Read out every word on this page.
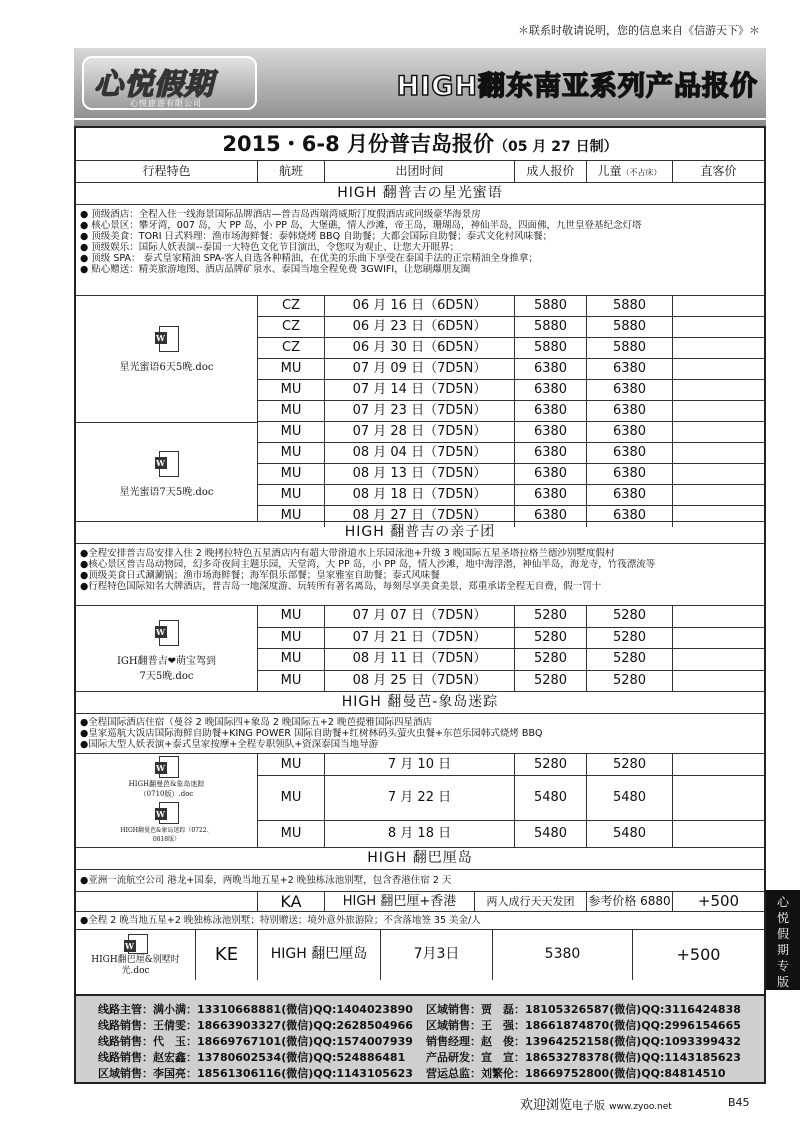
＊联系时敬请说明，您的信息来自《信游天下》＊
心悦假期
心悦旅游有限公司
HIGH翻东南亚系列产品报价
2015・6-8 月份普吉岛报价（05 月 27 日制）
行程特色	航班	出团时间	成人报价	儿童（不占床）	直客价
HIGH 翻普吉の星光蜜语
● 顶级酒店：全程入住一线海景国际品牌酒店—普吉岛西瑞湾威斯汀度假酒店或同级豪华海景房
● 核心景区：攀牙湾，007 岛，大 PP 岛，小 PP 岛，大堡礁，情人沙滩，帝王岛，珊瑚岛，神仙半岛，四面佛，九世皇登基纪念灯塔
● 顶级美食：TORI 日式料理：渔市场海鲜餐：泰韩烧烤 BBQ 自助餐；大都会国际自助餐；泰式文化村风味餐；
● 顶级娱乐：国际人妖表演--泰国一大特色文化节目演出，令您叹为观止、让您大开眼界；
● 顶级 SPA： 泰式皇家精油 SPA-客人自选各种精油，在优美的乐曲下享受在泰国手法的正宗精油全身推拿；
● 贴心赠送：精美旅游地图、酒店品牌矿泉水、泰国当地全程免费 3GWIFI，让您刷爆朋友圈
W
星光蜜语6天5晚.doc
W
星光蜜语7天5晚.doc
CZ	06 月 16 日（6D5N）	5880	5880
CZ	06 月 23 日（6D5N）	5880	5880
CZ	06 月 30 日（6D5N）	5880	5880
MU	07 月 09 日（7D5N）	6380	6380
MU	07 月 14 日（7D5N）	6380	6380
MU	07 月 23 日（7D5N）	6380	6380
MU	07 月 28 日（7D5N）	6380	6380
MU	08 月 04 日（7D5N）	6380	6380
MU	08 月 13 日（7D5N）	6380	6380
MU	08 月 18 日（7D5N）	6380	6380
MU	08 月 27 日（7D5N）	6380	6380
HIGH 翻普吉の亲子团
●全程安排普吉岛安排入住 2 晚拷拉特色五星酒店内有超大带滑道水上乐园泳池+升级 3 晚国际五星圣塔拉格兰德沙别墅度假村
●核心景区普吉岛动物园，幻多奇夜间主题乐园，天堂湾，大 PP 岛，小 PP 岛，情人沙滩，地中海浮潜，神仙半岛，海龙寺，竹筏漂流等
●顶级美食日式涮涮锅；渔市场海鲜餐；海军俱乐部餐；皇家雅室自助餐；泰式风味餐
●行程特色国际知名大牌酒店，普吉岛一地深度游、玩转所有著名离岛，每刻尽享美食美景，郑重承诺全程无自费，假一罚十
W
IGH翻普吉❤萌宝驾到7天5晚.doc
MU	07 月 07 日（7D5N）	5280	5280
MU	07 月 21 日（7D5N）	5280	5280
MU	08 月 11 日（7D5N）	5280	5280
MU	08 月 25 日（7D5N）	5280	5280
HIGH 翻曼芭-象岛迷踪
●全程国际酒店住宿（曼谷 2 晚国际四+象岛 2 晚国际五+2 晚芭提雅国际四星酒店
●皇家巡航大饭店国际海鲜自助餐+KING POWER 国际自助餐+红树林码头萤火虫餐+东芭乐园韩式烧烤 BBQ
●国际大型人妖表演+泰式皇家按摩+全程专职领队+资深泰国当地导游
W
HIGH翻曼芭&象岛迷踪（0710版）.doc
W
HIGH翻曼芭&象岛迷踪（0722、0818版）
MU	7 月 10 日	5280	5280
MU	7 月 22 日	5480	5480
MU	8 月 18 日	5480	5480
HIGH 翻巴厘岛
●亚洲一流航空公司 港龙+国泰，两晚当地五星+2 晚独栋泳池别墅，包含香港住宿 2 天
KA	HIGH 翻巴厘+香港	两人成行天天发团	参考价格 6880	+500
●全程 2 晚当地五星+2 晚独栋泳池别墅；特别赠送；境外意外旅游险；不含落地签 35 美金/人
W
HIGH翻巴厘&别墅时光.doc
KE	HIGH 翻巴厘岛	7月3日	5380	+500
线路主管：满小满：13310668881(微信)QQ:1404023890
线路销售：王倩雯：18663903327(微信)QQ:2628504966
线路销售：代　玉：18669767101(微信)QQ:1574007939
线路销售：赵宏鑫：13780602534(微信)QQ:524886481
区域销售：李国亮：18561306116(微信)QQ:1143105623
区域销售：贾　磊：18105326587(微信)QQ:3116424838
区域销售：王　强：18661874870(微信)QQ:2996154665
销售经理：赵　俊：13964252158(微信)QQ:1093399432
产品研发：宣　宣：18653278378(微信)QQ:1143185623
营运总监：刘繁伦：18669752800(微信)QQ:84814510
心
悦
假
期
专
版
欢迎浏览电子版 www.zyoo.net	B45
